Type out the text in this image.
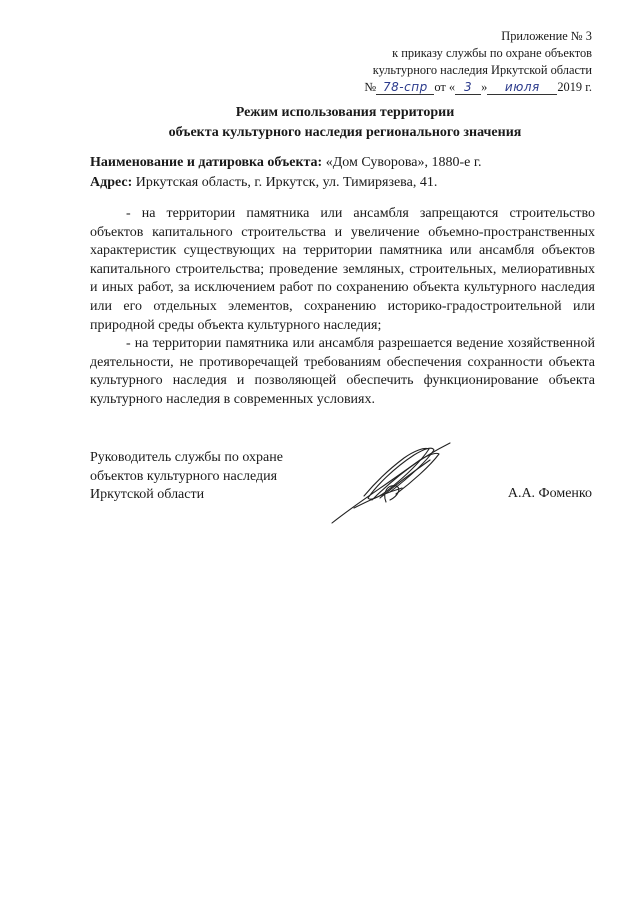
Приложение № 3
к приказу службы по охране объектов
культурного наследия Иркутской области
№ 78-спр от « 3 » июля 2019 г.
Режим использования территории
объекта культурного наследия регионального значения
Наименование и датировка объекта: «Дом Суворова», 1880-е г.
Адрес: Иркутская область, г. Иркутск, ул. Тимирязева, 41.

- на территории памятника или ансамбля запрещаются строительство объектов капитального строительства и увеличение объемно-пространственных характеристик существующих на территории памятника или ансамбля объектов капитального строительства; проведение земляных, строительных, мелиоративных и иных работ, за исключением работ по сохранению объекта культурного наследия или его отдельных элементов, сохранению историко-градостроительной или природной среды объекта культурного наследия;

- на территории памятника или ансамбля разрешается ведение хозяйственной деятельности, не противоречащей требованиям обеспечения сохранности объекта культурного наследия и позволяющей обеспечить функционирование объекта культурного наследия в современных условиях.

Руководитель службы по охране
объектов культурного наследия
Иркутской области	А.А. Фоменко
